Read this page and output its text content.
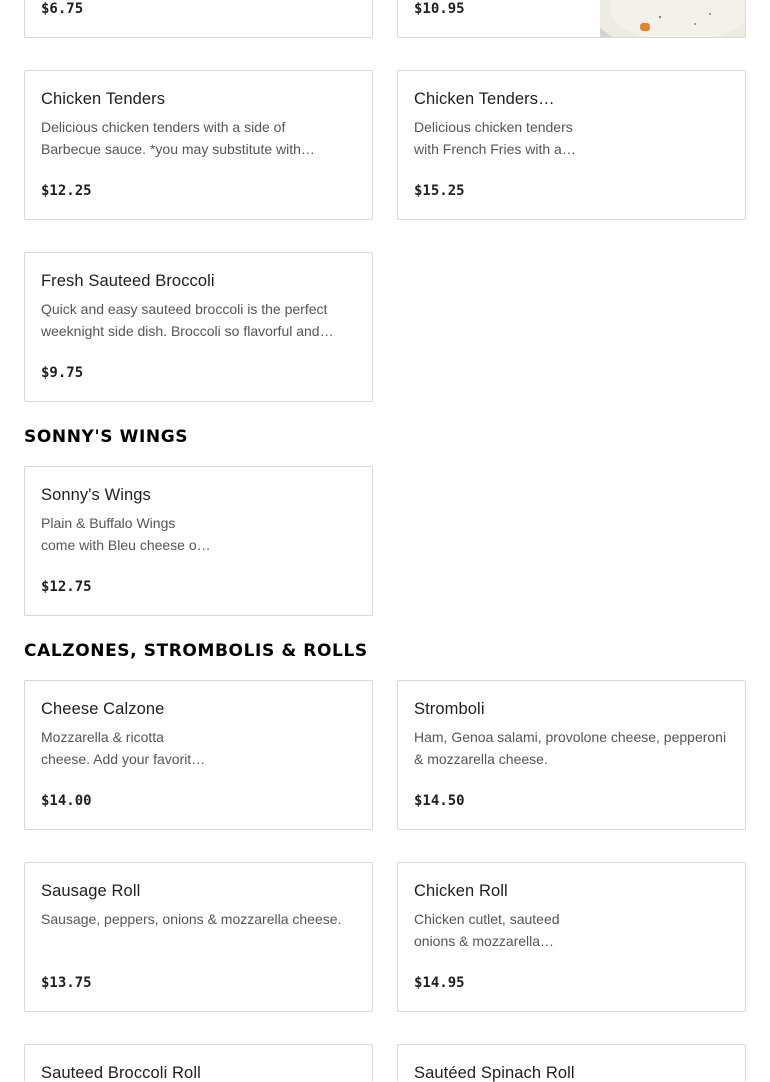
$6.75	$10.95
Chicken Tenders
Delicious chicken tenders with a side of Barbecue sauce. *you may substitute with…
$12.25
Chicken Tenders…
Delicious chicken tenders
with French Fries with a…
$15.25
Fresh Sauteed Broccoli
Quick and easy sauteed broccoli is the perfect weeknight side dish. Broccoli so flavorful and…
$9.75
SONNY'S WINGS
Sonny's Wings
Plain & Buffalo Wings
come with Bleu cheese o…
$12.75
CALZONES, STROMBOLIS & ROLLS
Cheese Calzone
Mozzarella & ricotta
cheese. Add your favorit…
$14.00
Stromboli
Ham, Genoa salami, provolone cheese, pepperoni & mozzarella cheese.
$14.50
Sausage Roll
Sausage, peppers, onions & mozzarella cheese.
$13.75
Chicken Roll
Chicken cutlet, sauteed
onions & mozzarella…
$14.95
Sauteed Broccoli Roll	Sautéed Spinach Roll
